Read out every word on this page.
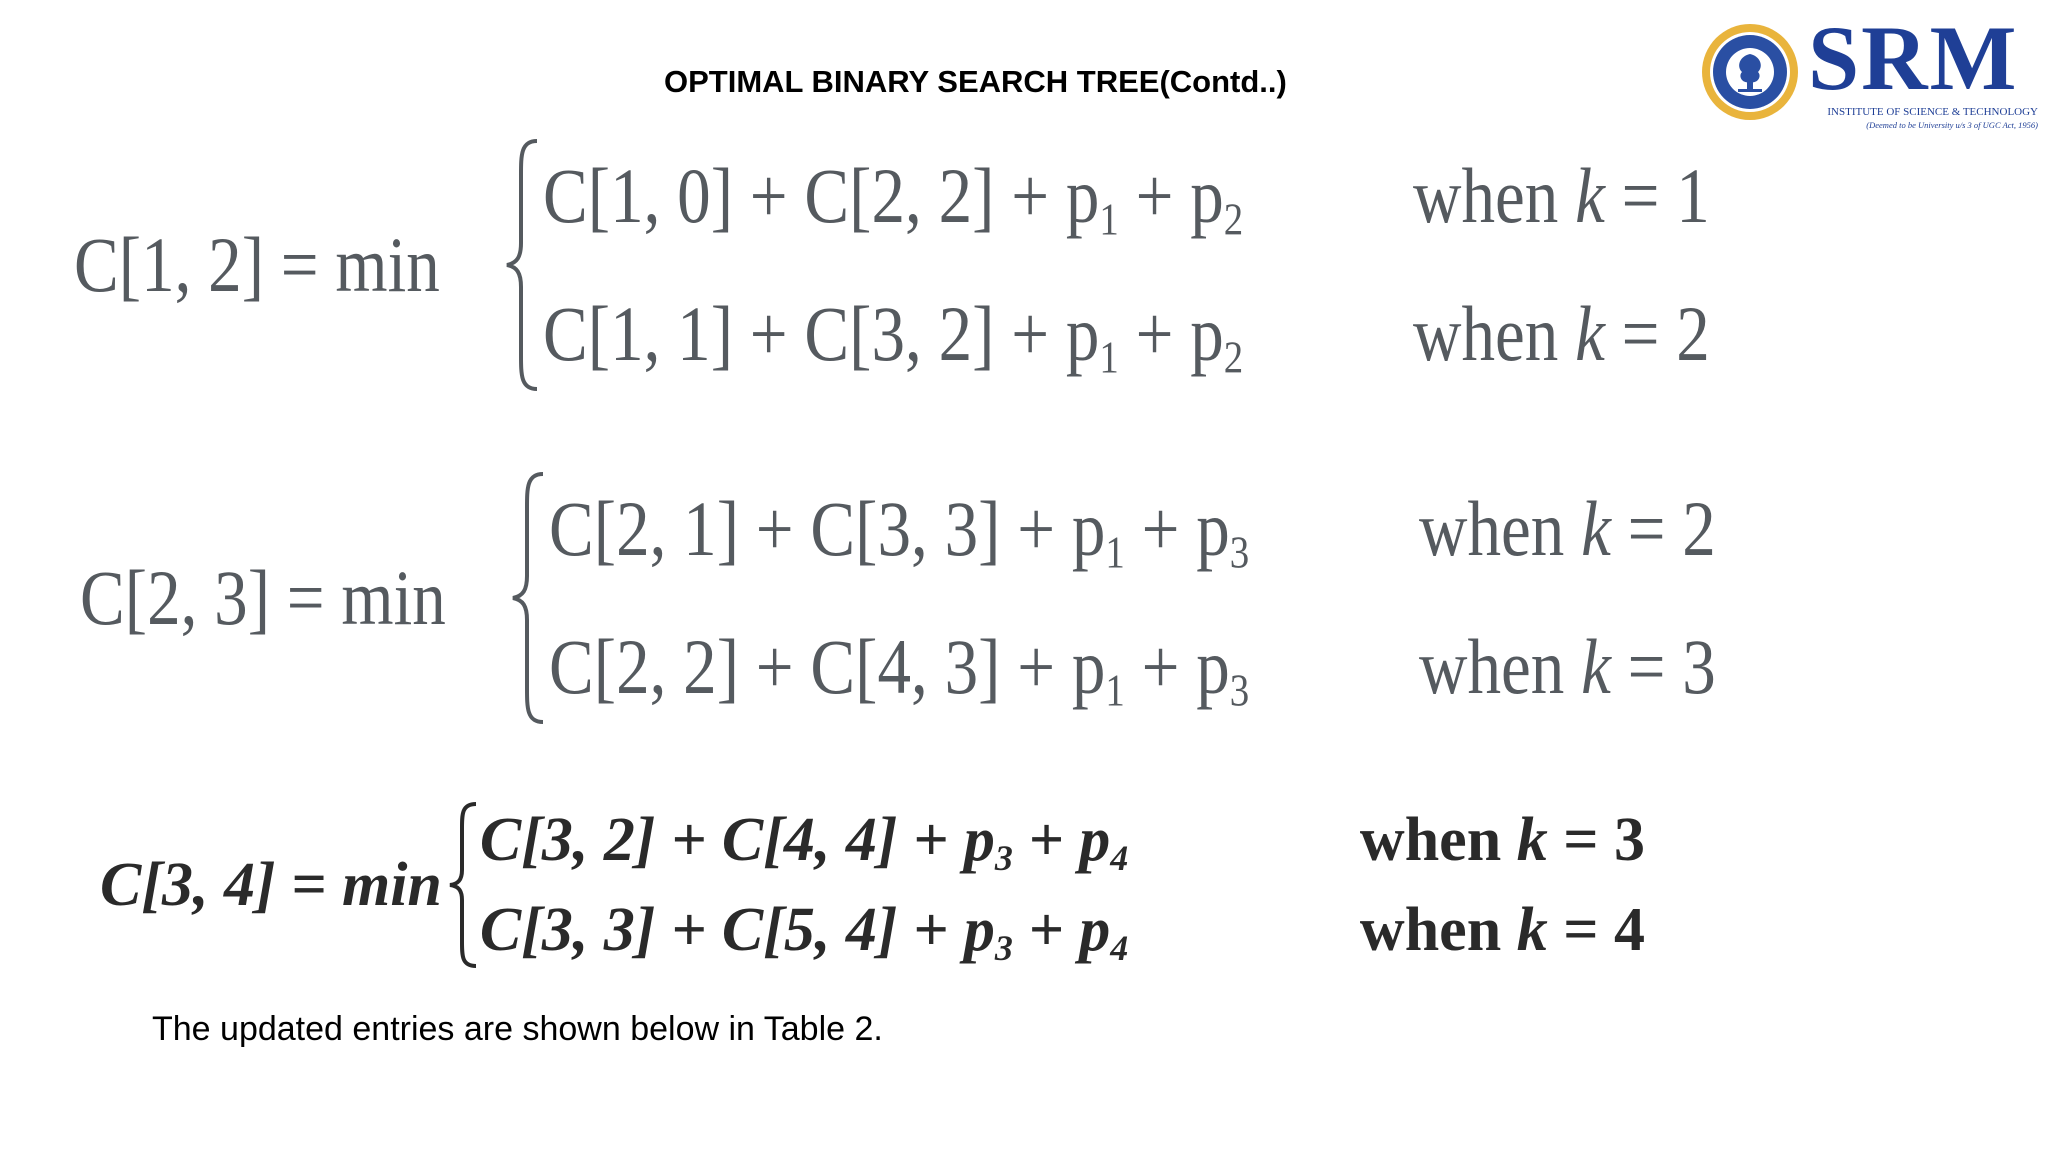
OPTIMAL BINARY SEARCH TREE(Contd..)	SRM
INSTITUTE OF SCIENCE & TECHNOLOGY
(Deemed to be University u/s 3 of UGC Act, 1956)
C[1, 2] = min
C[1, 0] + C[2, $2] + p_1 + p_2$	when k = 1
C[1, 1] + C[3, $2] + p_1 + p_2$	when k = 2
C[2, 3] = min
C[2, 1] + C[3, $3] + p_1 + p_3$	when k = 2
C[2, 2] + C[4, $3] + p_1 + p_3$	when k = 3
C[3, 4] = min
C[3, 2] + C[4, $4] + p_3 + p_4$	when k = 3
C[3, 3] + C[5, $4] + p_3 + p_4$	when k = 4
The updated entries are shown below in Table 2.
